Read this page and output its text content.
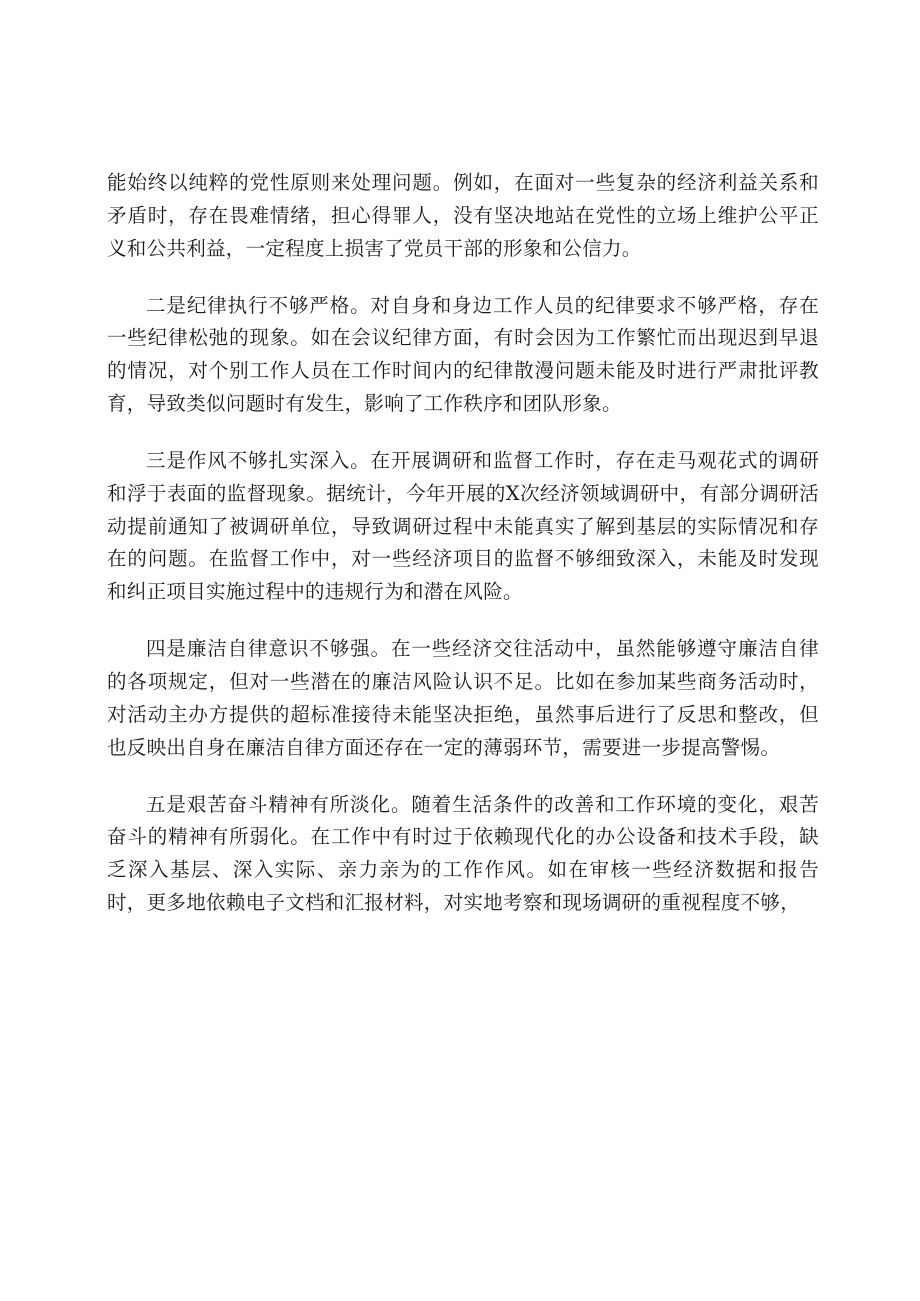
能始终以纯粹的党性原则来处理问题。例如，在面对一些复杂的经济利益关系和矛盾时，存在畏难情绪，担心得罪人，没有坚决地站在党性的立场上维护公平正义和公共利益，一定程度上损害了党员干部的形象和公信力。

二是纪律执行不够严格。对自身和身边工作人员的纪律要求不够严格，存在一些纪律松弛的现象。如在会议纪律方面，有时会因为工作繁忙而出现迟到早退的情况，对个别工作人员在工作时间内的纪律散漫问题未能及时进行严肃批评教育，导致类似问题时有发生，影响了工作秩序和团队形象。

三是作风不够扎实深入。在开展调研和监督工作时，存在走马观花式的调研和浮于表面的监督现象。据统计，今年开展的X次经济领域调研中，有部分调研活动提前通知了被调研单位，导致调研过程中未能真实了解到基层的实际情况和存在的问题。在监督工作中，对一些经济项目的监督不够细致深入，未能及时发现和纠正项目实施过程中的违规行为和潜在风险。

四是廉洁自律意识不够强。在一些经济交往活动中，虽然能够遵守廉洁自律的各项规定，但对一些潜在的廉洁风险认识不足。比如在参加某些商务活动时，对活动主办方提供的超标准接待未能坚决拒绝，虽然事后进行了反思和整改，但也反映出自身在廉洁自律方面还存在一定的薄弱环节，需要进一步提高警惕。

五是艰苦奋斗精神有所淡化。随着生活条件的改善和工作环境的变化，艰苦奋斗的精神有所弱化。在工作中有时过于依赖现代化的办公设备和技术手段，缺乏深入基层、深入实际、亲力亲为的工作作风。如在审核一些经济数据和报告时，更多地依赖电子文档和汇报材料，对实地考察和现场调研的重视程度不够，
